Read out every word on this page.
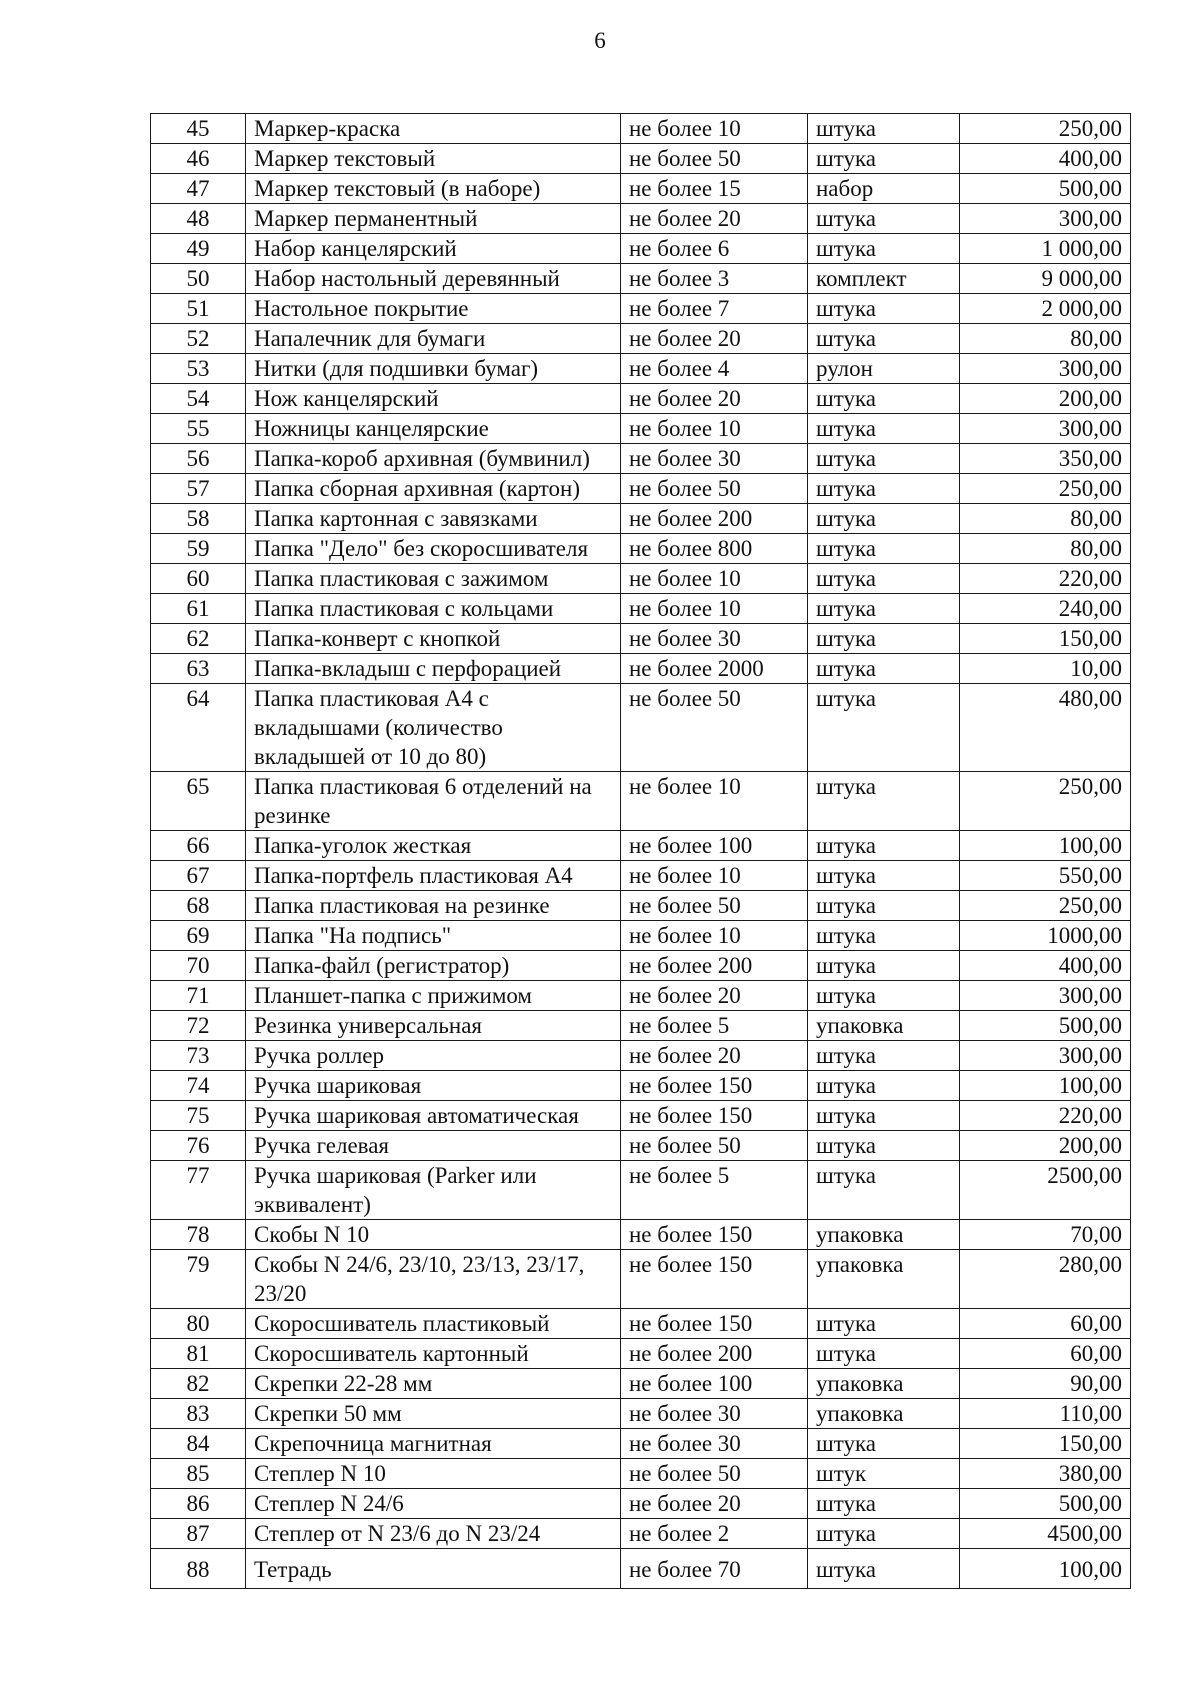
6
45	Маркер-краска	не более 10	штука	250,00
46	Маркер текстовый	не более 50	штука	400,00
47	Маркер текстовый (в наборе)	не более 15	набор	500,00
48	Маркер перманентный	не более 20	штука	300,00
49	Набор канцелярский	не более 6	штука	1 000,00
50	Набор настольный деревянный	не более 3	комплект	9 000,00
51	Настольное покрытие	не более 7	штука	2 000,00
52	Напалечник для бумаги	не более 20	штука	80,00
53	Нитки (для подшивки бумаг)	не более 4	рулон	300,00
54	Нож канцелярский	не более 20	штука	200,00
55	Ножницы канцелярские	не более 10	штука	300,00
56	Папка-короб архивная (бумвинил)	не более 30	штука	350,00
57	Папка сборная архивная (картон)	не более 50	штука	250,00
58	Папка картонная с завязками	не более 200	штука	80,00
59	Папка "Дело" без скоросшивателя	не более 800	штука	80,00
60	Папка пластиковая с зажимом	не более 10	штука	220,00
61	Папка пластиковая с кольцами	не более 10	штука	240,00
62	Папка-конверт с кнопкой	не более 30	штука	150,00
63	Папка-вкладыш с перфорацией	не более 2000	штука	10,00
64	Папка пластиковая А4 с вкладышами (количество вкладышей от 10 до 80)	не более 50	штука	480,00
65	Папка пластиковая 6 отделений на резинке	не более 10	штука	250,00
66	Папка-уголок жесткая	не более 100	штука	100,00
67	Папка-портфель пластиковая А4	не более 10	штука	550,00
68	Папка пластиковая на резинке	не более 50	штука	250,00
69	Папка "На подпись"	не более 10	штука	1000,00
70	Папка-файл (регистратор)	не более 200	штука	400,00
71	Планшет-папка с прижимом	не более 20	штука	300,00
72	Резинка универсальная	не более 5	упаковка	500,00
73	Ручка роллер	не более 20	штука	300,00
74	Ручка шариковая	не более 150	штука	100,00
75	Ручка шариковая автоматическая	не более 150	штука	220,00
76	Ручка гелевая	не более 50	штука	200,00
77	Ручка шариковая (Parker или эквивалент)	не более 5	штука	2500,00
78	Скобы N 10	не более 150	упаковка	70,00
79	Скобы N 24/6, 23/10, 23/13, 23/17, 23/20	не более 150	упаковка	280,00
80	Скоросшиватель пластиковый	не более 150	штука	60,00
81	Скоросшиватель картонный	не более 200	штука	60,00
82	Скрепки 22-28 мм	не более 100	упаковка	90,00
83	Скрепки 50 мм	не более 30	упаковка	110,00
84	Скрепочница магнитная	не более 30	штука	150,00
85	Степлер N 10	не более 50	штук	380,00
86	Степлер N 24/6	не более 20	штука	500,00
87	Степлер от N 23/6 до N 23/24	не более 2	штука	4500,00
88	Тетрадь	не более 70	штука	100,00
